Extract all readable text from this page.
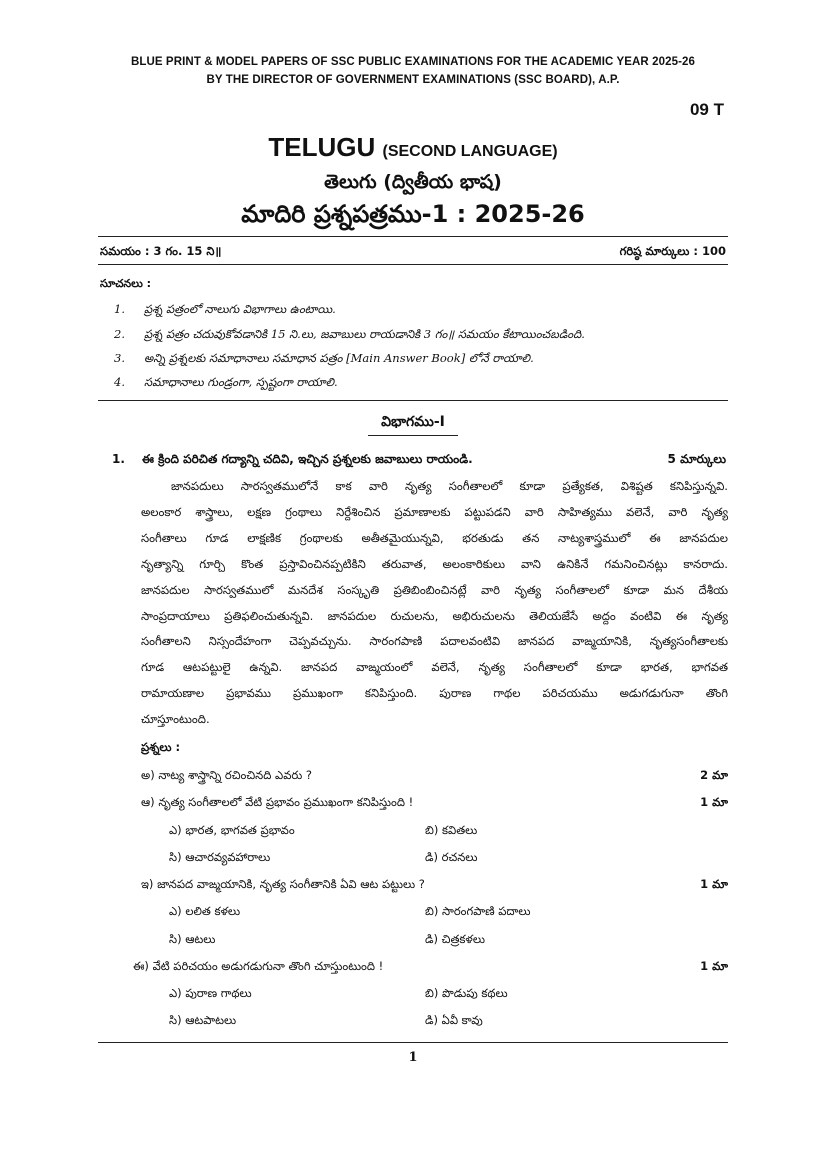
BLUE PRINT & MODEL PAPERS OF SSC PUBLIC EXAMINATIONS FOR THE ACADEMIC YEAR 2025-26
BY THE DIRECTOR OF GOVERNMENT EXAMINATIONS (SSC BOARD), A.P.
09 T
TELUGU (SECOND LANGUAGE)
తెలుగు (ద్వితీయ భాష)
మాదిరి ప్రశ్నపత్రము-1 : 2025-26
సమయం : 3 గం. 15 ని॥	గరిష్ఠ మార్కులు : 100
సూచనలు :
1. ప్రశ్న పత్రంలో నాలుగు విభాగాలు ఉంటాయి.
2. ప్రశ్న పత్రం చదువుకోవడానికి 15 ని.లు, జవాబులు రాయడానికి 3 గం॥ సమయం కేటాయించబడింది.
3. అన్ని ప్రశ్నలకు సమాధానాలు సమాధాన పత్రం [Main Answer Book] లోనే రాయాలి.
4. సమాధానాలు గుండ్రంగా, స్పష్టంగా రాయాలి.
విభాగము-I
1. ఈ క్రింది పరిచిత గద్యాన్ని చదివి, ఇచ్చిన ప్రశ్నలకు జవాబులు రాయండి.	5 మార్కులు
జానపదులు సారస్వతములోనే కాక వారి నృత్య సంగీతాలలో కూడా ప్రత్యేకత, విశిష్టత కనిపిస్తున్నవి.
అలంకార శాస్త్రాలు, లక్షణ గ్రంథాలు నిర్దేశించిన ప్రమాణాలకు పట్టుపడని వారి సాహిత్యము వలెనే, వారి నృత్య
సంగీతాలు గూడ లాక్షణిక గ్రంథాలకు అతీతమైయున్నవి, భరతుడు తన నాట్యశాస్త్రములో ఈ జానపదుల
నృత్యాన్ని గూర్చి కొంత ప్రస్తావించినప్పటికిని తరువాత, అలంకారికులు వాని ఉనికినే గమనించినట్లు కానరాదు.
జానపదుల సారస్వతములో మనదేశ సంస్కృతి ప్రతిబింబించినట్లే వారి నృత్య సంగీతాలలో కూడా మన దేశీయ
సాంప్రదాయాలు ప్రతిఫలించుతున్నవి. జానపదుల రుచులను, అభిరుచులను తెలియజేసే అద్దం వంటివి ఈ నృత్య
సంగీతాలని నిస్సందేహంగా చెప్పవచ్చును. సారంగపాణి పదాలవంటివి జానపద వాఙ్మయానికి, నృత్యసంగీతాలకు
గూడ ఆటపట్టులై ఉన్నవి. జానపద వాఙ్మయంలో వలెనే, నృత్య సంగీతాలలో కూడా భారత, భాగవత
రామాయణాల ప్రభావము ప్రముఖంగా కనిపిస్తుంది. పురాణ గాథల పరిచయము అడుగడుగునా తొంగి
చూస్తూంటుంది.
ప్రశ్నలు :
అ) నాట్య శాస్త్రాన్ని రచించినది ఎవరు ?	2 మా
ఆ) నృత్య సంగీతాలలో వేటి ప్రభావం ప్రముఖంగా కనిపిస్తుంది !	1 మా
ఎ) భారత, భాగవత ప్రభావం	బి) కవితలు
సి) ఆచారవ్యవహారాలు	డి) రచనలు
ఇ) జానపద వాఙ్మయానికి, నృత్య సంగీతానికి ఏవి ఆట పట్టులు ?	1 మా
ఎ) లలిత కళలు	బి) సారంగపాణి పదాలు
సి) ఆటలు	డి) చిత్రకళలు
ఈ) వేటి పరిచయం అడుగడుగునా తొంగి చూస్తుంటుంది !	1 మా
ఎ) పురాణ గాథలు	బి) పొడుపు కథలు
సి) ఆటపాటలు	డి) ఏవీ కావు
1
